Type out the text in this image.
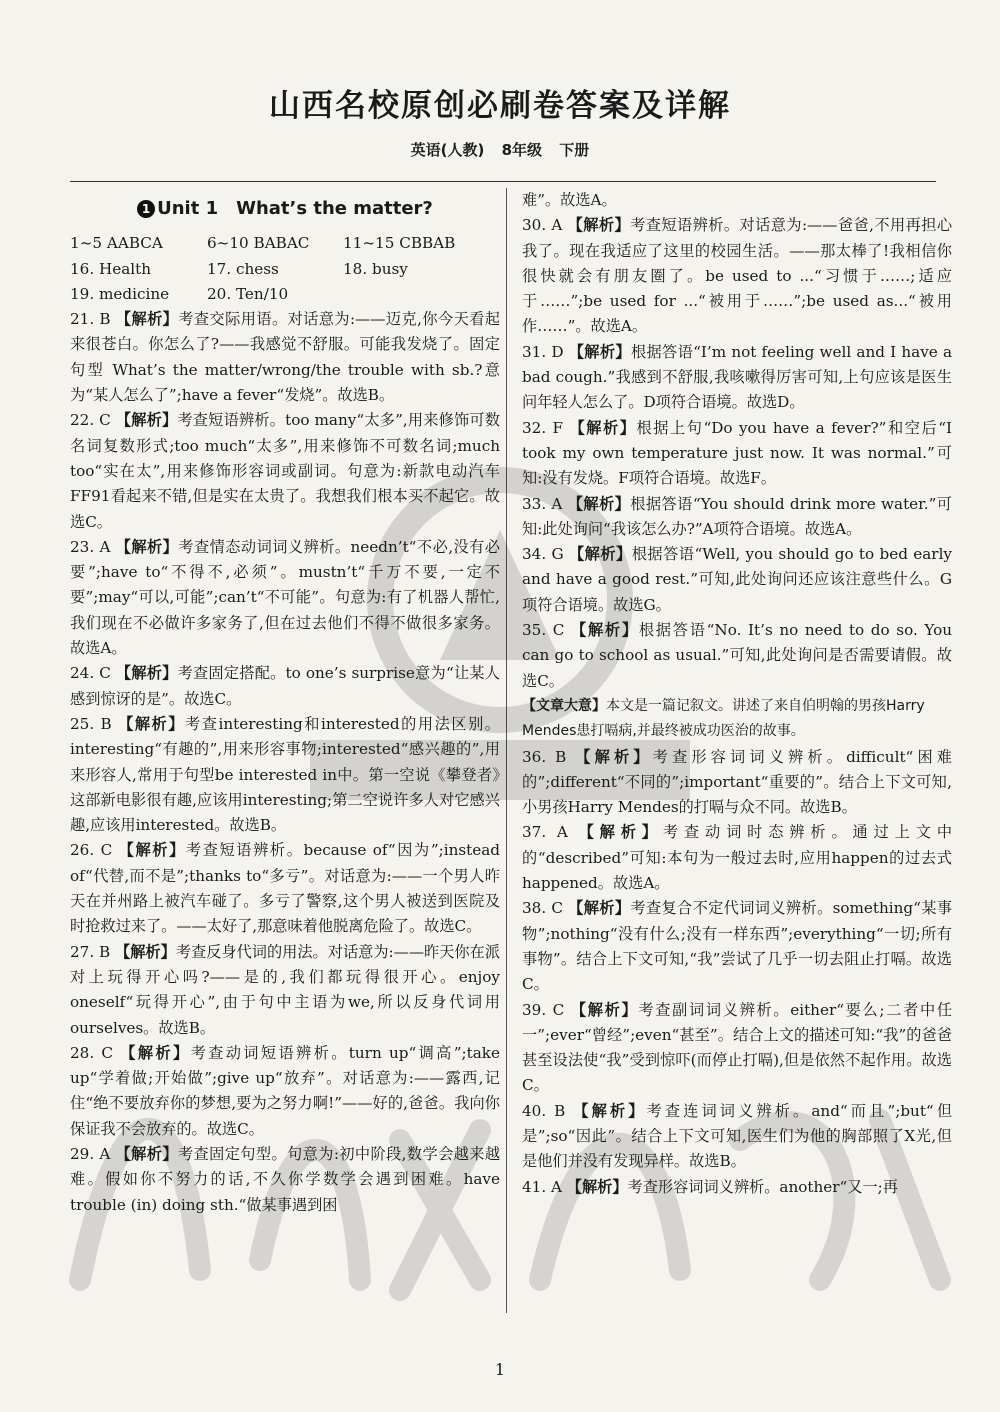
山西名校原创必刷卷答案及详解
英语(人教) 8年级 下册
1 Unit 1　What’s the matter?
1~5 AABCA	6~10 BABAC	11~15 CBBAB
16. Health	17. chess	18. busy
19. medicine	20. Ten/10
21. B 【解析】考查交际用语。对话意为:——迈克,你今天看起来很苍白。你怎么了?——我感觉不舒服。可能我发烧了。固定句型 What’s the matter/wrong/the trouble with sb.?意为“某人怎么了”;have a fever“发烧”。故选B。
22. C 【解析】考查短语辨析。too many“太多”,用来修饰可数名词复数形式;too much“太多”,用来修饰不可数名词;much too“实在太”,用来修饰形容词或副词。句意为:新款电动汽车FF91看起来不错,但是实在太贵了。我想我们根本买不起它。故选C。
23. A 【解析】考查情态动词词义辨析。needn’t“不必,没有必要”;have to“不得不,必须”。mustn’t“千万不要,一定不要”;may“可以,可能”;can’t“不可能”。句意为:有了机器人帮忙,我们现在不必做许多家务了,但在过去他们不得不做很多家务。故选A。
24. C 【解析】考查固定搭配。to one’s surprise意为“让某人感到惊讶的是”。故选C。
25. B 【解析】考查interesting和interested的用法区别。interesting“有趣的”,用来形容事物;interested“感兴趣的”,用来形容人,常用于句型be interested in中。第一空说《攀登者》这部新电影很有趣,应该用interesting;第二空说许多人对它感兴趣,应该用interested。故选B。
26. C 【解析】考查短语辨析。because of“因为”;instead of“代替,而不是”;thanks to“多亏”。对话意为:——一个男人昨天在并州路上被汽车碰了。多亏了警察,这个男人被送到医院及时抢救过来了。——太好了,那意味着他脱离危险了。故选C。
27. B 【解析】考查反身代词的用法。对话意为:——昨天你在派对上玩得开心吗?——是的,我们都玩得很开心。enjoy oneself“玩得开心”,由于句中主语为we,所以反身代词用ourselves。故选B。
28. C 【解析】考查动词短语辨析。turn up“调高”;take up“学着做;开始做”;give up“放弃”。对话意为:——露西,记住“绝不要放弃你的梦想,要为之努力啊!”——好的,爸爸。我向你保证我不会放弃的。故选C。
29. A 【解析】考查固定句型。句意为:初中阶段,数学会越来越难。假如你不努力的话,不久你学数学会遇到困难。have trouble (in) doing sth.“做某事遇到困
难”。故选A。
30. A 【解析】考查短语辨析。对话意为:——爸爸,不用再担心我了。现在我适应了这里的校园生活。——那太棒了!我相信你很快就会有朋友圈了。be used to ...“习惯于……;适应于……”;be used for ...“被用于……”;be used as...“被用作……”。故选A。
31. D 【解析】根据答语“I’m not feeling well and I have a bad cough.”我感到不舒服,我咳嗽得厉害可知,上句应该是医生问年轻人怎么了。D项符合语境。故选D。
32. F 【解析】根据上句“Do you have a fever?”和空后“I took my own temperature just now. It was normal.”可知:没有发烧。F项符合语境。故选F。
33. A 【解析】根据答语“You should drink more water.”可知:此处询问“我该怎么办?”A项符合语境。故选A。
34. G 【解析】根据答语“Well, you should go to bed early and have a good rest.”可知,此处询问还应该注意些什么。G项符合语境。故选G。
35. C 【解析】根据答语“No. It’s no need to do so. You can go to school as usual.”可知,此处询问是否需要请假。故选C。
【文章大意】本文是一篇记叙文。讲述了来自伯明翰的男孩Harry Mendes患打嗝病,并最终被成功医治的故事。
36. B 【解析】考查形容词词义辨析。difficult“困难的”;different“不同的”;important“重要的”。结合上下文可知,小男孩Harry Mendes的打嗝与众不同。故选B。
37. A 【解析】考查动词时态辨析。通过上文中的“described”可知:本句为一般过去时,应用happen的过去式happened。故选A。
38. C 【解析】考查复合不定代词词义辨析。something“某事物”;nothing“没有什么;没有一样东西”;everything“一切;所有事物”。结合上下文可知,“我”尝试了几乎一切去阻止打嗝。故选C。
39. C 【解析】考查副词词义辨析。either“要么;二者中任一”;ever“曾经”;even“甚至”。结合上文的描述可知:“我”的爸爸甚至设法使“我”受到惊吓(而停止打嗝),但是依然不起作用。故选C。
40. B 【解析】考查连词词义辨析。and“而且”;but“但是”;so“因此”。结合上下文可知,医生们为他的胸部照了X光,但是他们并没有发现异样。故选B。
41. A 【解析】考查形容词词义辨析。another“又一;再
1
